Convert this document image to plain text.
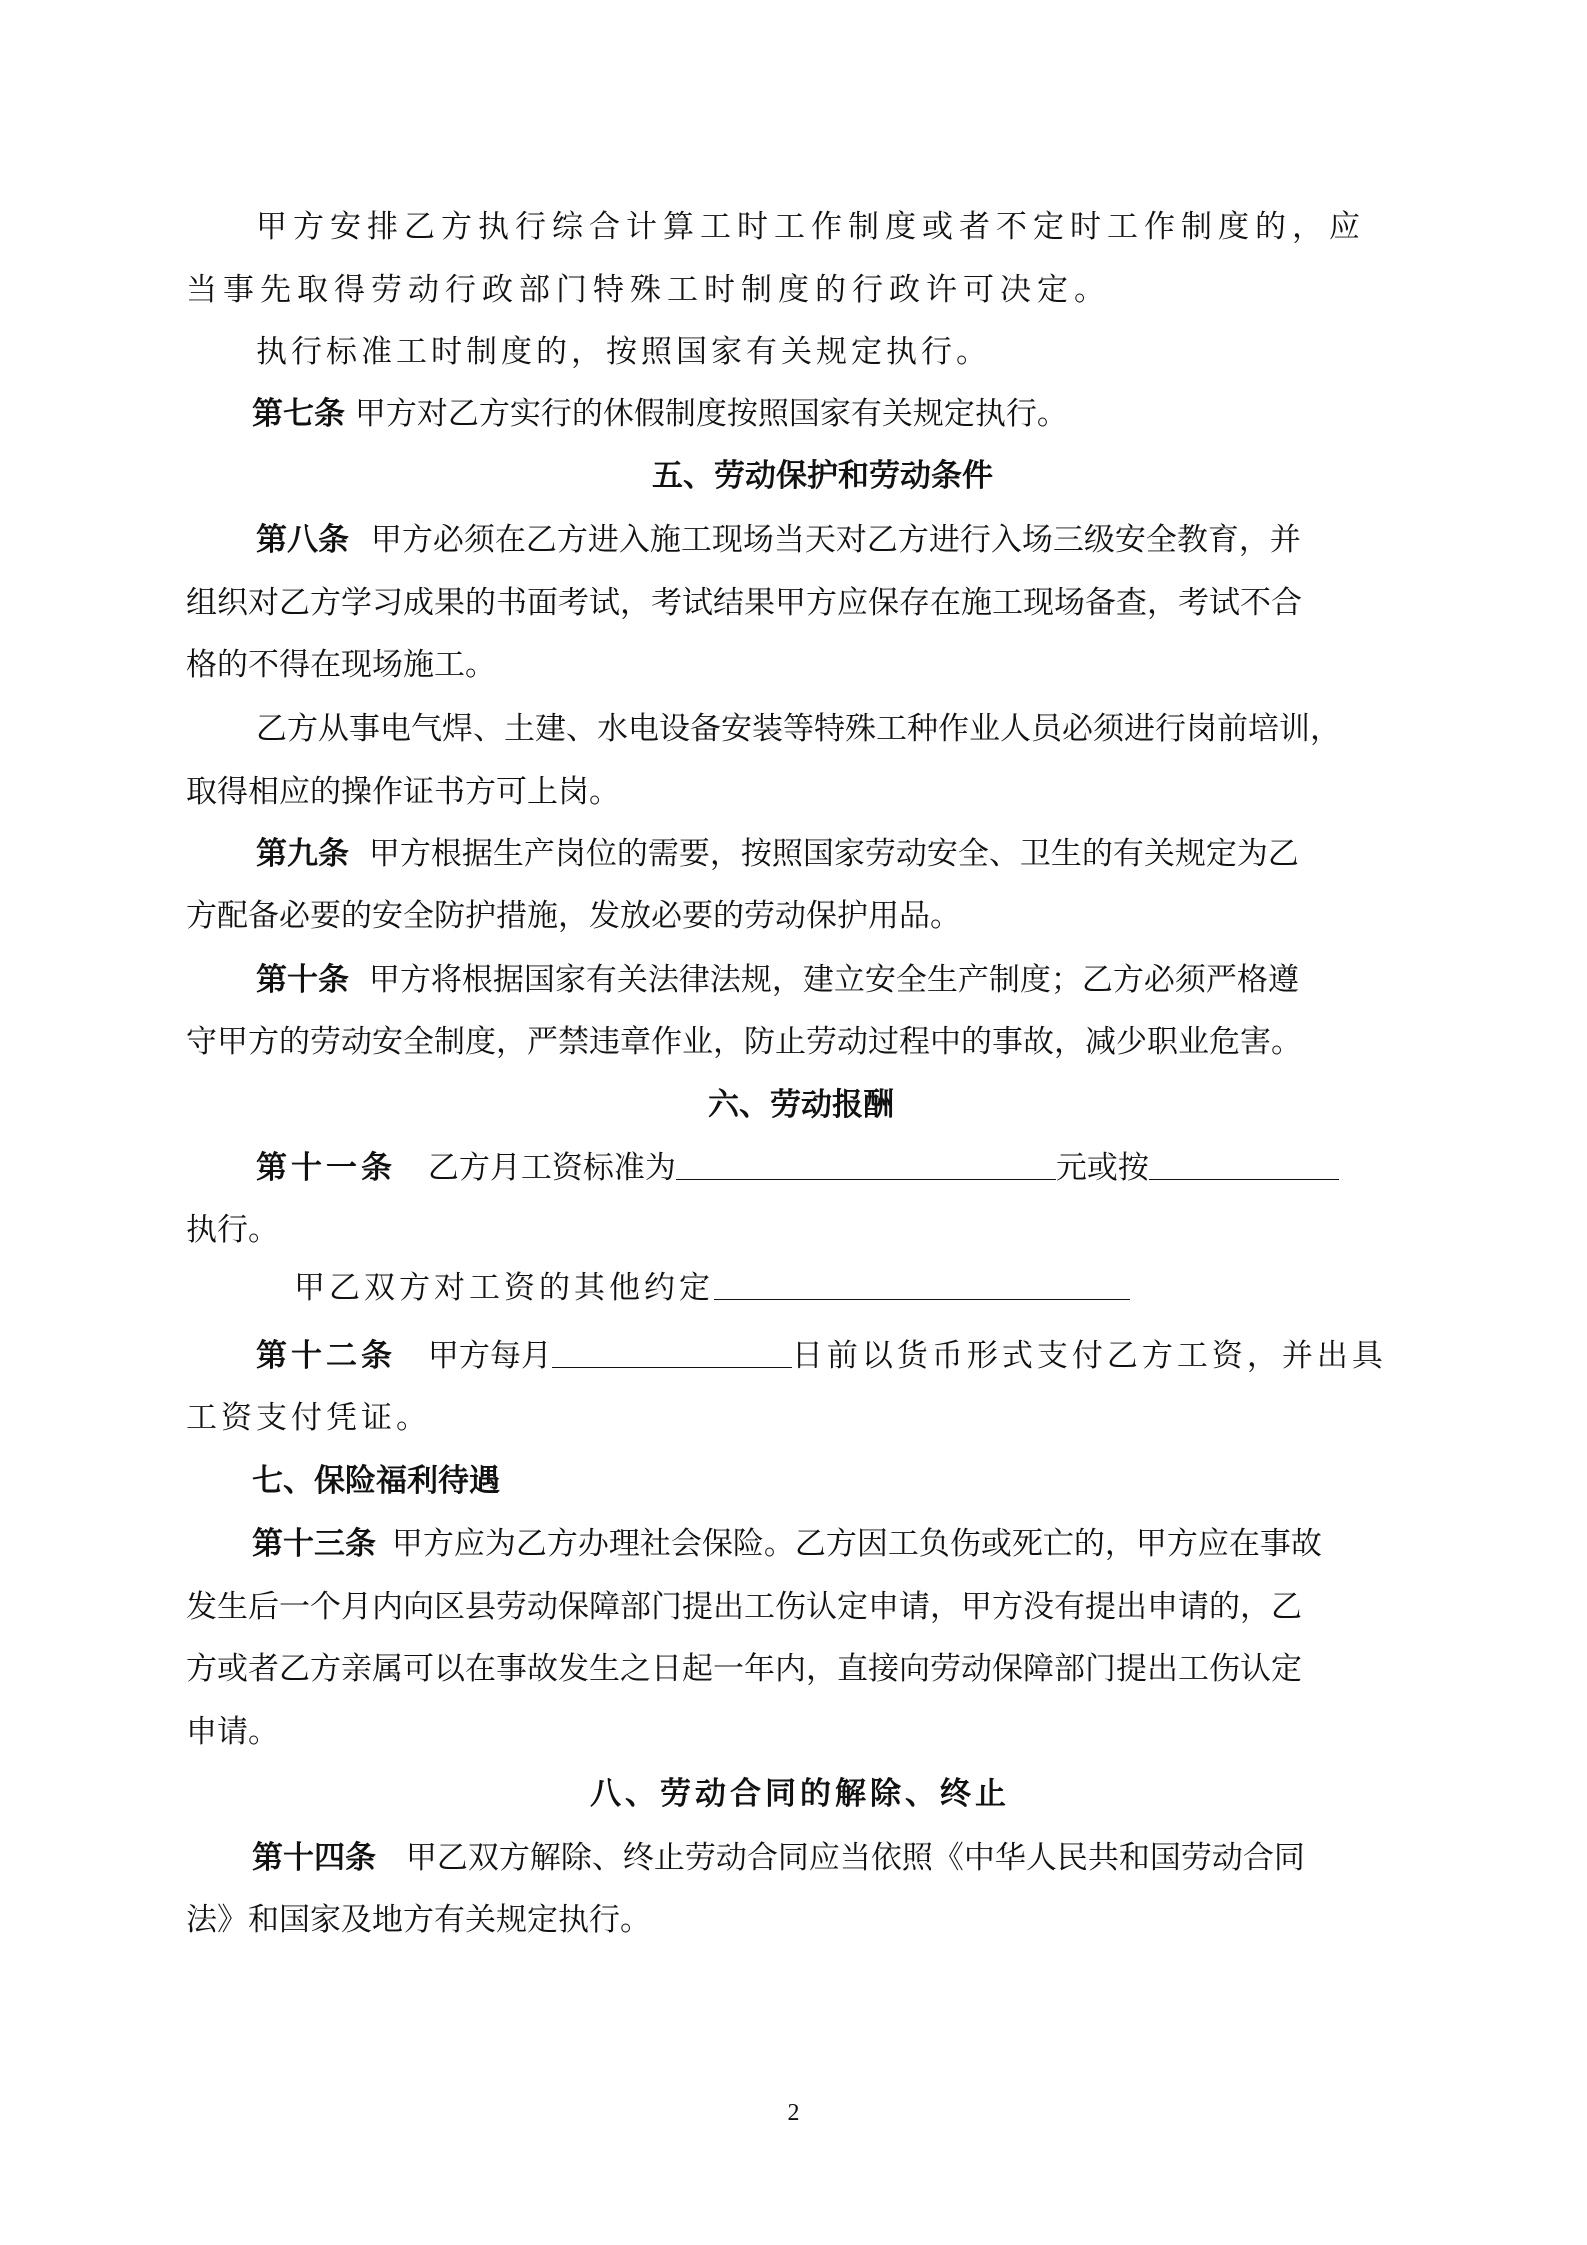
甲方安排乙方执行综合计算工时工作制度或者不定时工作制度的，应
当事先取得劳动行政部门特殊工时制度的行政许可决定。
执行标准工时制度的，按照国家有关规定执行。
第七条 甲方对乙方实行的休假制度按照国家有关规定执行。
五、劳动保护和劳动条件
第八条 甲方必须在乙方进入施工现场当天对乙方进行入场三级安全教育，并
组织对乙方学习成果的书面考试，考试结果甲方应保存在施工现场备查，考试不合
格的不得在现场施工。
乙方从事电气焊、土建、水电设备安装等特殊工种作业人员必须进行岗前培训，
取得相应的操作证书方可上岗。
第九条 甲方根据生产岗位的需要，按照国家劳动安全、卫生的有关规定为乙
方配备必要的安全防护措施，发放必要的劳动保护用品。
第十条 甲方将根据国家有关法律法规，建立安全生产制度；乙方必须严格遵
守甲方的劳动安全制度，严禁违章作业，防止劳动过程中的事故，减少职业危害。
六、劳动报酬
第十一条 乙方月工资标准为	元或按
执行。
甲乙双方对工资的其他约定
第十二条 甲方每月	日前以货币形式支付乙方工资，并出具
工资支付凭证。
七、保险福利待遇
第十三条 甲方应为乙方办理社会保险。乙方因工负伤或死亡的，甲方应在事故
发生后一个月内向区县劳动保障部门提出工伤认定申请，甲方没有提出申请的，乙
方或者乙方亲属可以在事故发生之日起一年内，直接向劳动保障部门提出工伤认定
申请。
八、劳动合同的解除、终止
第十四条 甲乙双方解除、终止劳动合同应当依照《中华人民共和国劳动合同
法》和国家及地方有关规定执行。
2
